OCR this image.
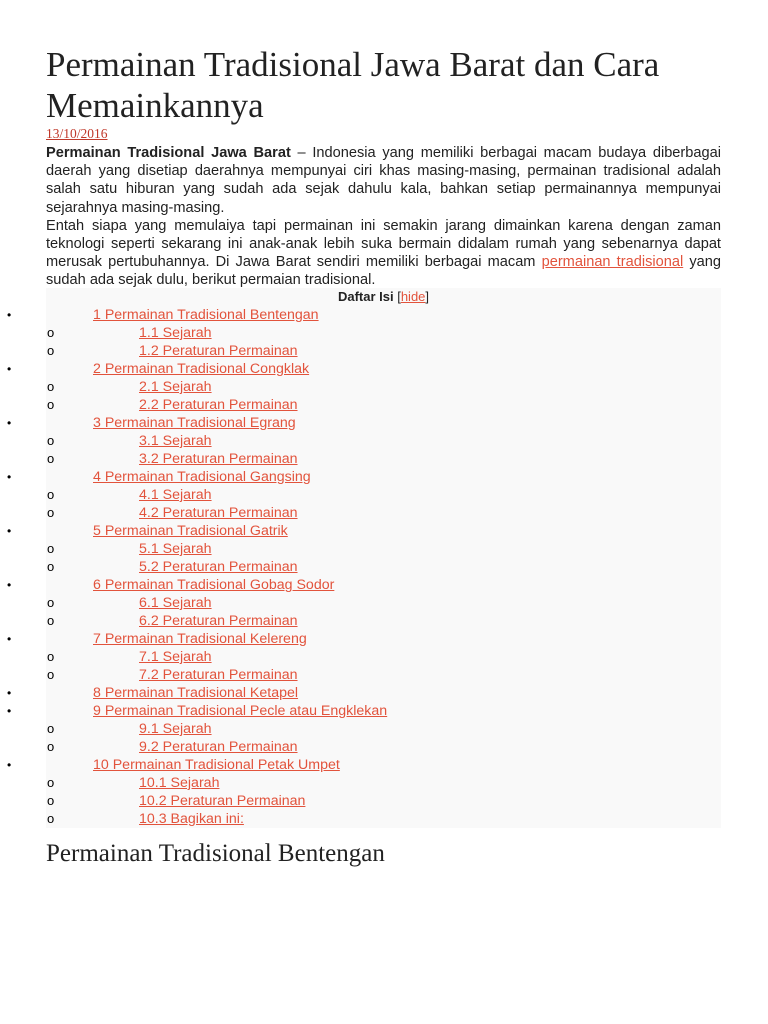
Permainan Tradisional Jawa Barat dan Cara Memainkannya
13/10/2016

Permainan Tradisional Jawa Barat – Indonesia yang memiliki berbagai macam budaya diberbagai daerah yang disetiap daerahnya mempunyai ciri khas masing-masing, permainan tradisional adalah salah satu hiburan yang sudah ada sejak dahulu kala, bahkan setiap permainannya mempunyai sejarahnya masing-masing.

Entah siapa yang memulaiya tapi permainan ini semakin jarang dimainkan karena dengan zaman teknologi seperti sekarang ini anak-anak lebih suka bermain didalam rumah yang sebenarnya dapat merusak pertubuhannya. Di Jawa Barat sendiri memiliki berbagai macam permainan tradisional yang sudah ada sejak dulu, berikut permaian tradisional.

Daftar Isi [hide]
•	1 Permainan Tradisional Bentengan
o	1.1 Sejarah
o	1.2 Peraturan Permainan
•	2 Permainan Tradisional Congklak
o	2.1 Sejarah
o	2.2 Peraturan Permainan
•	3 Permainan Tradisional Egrang
o	3.1 Sejarah
o	3.2 Peraturan Permainan
•	4 Permainan Tradisional Gangsing
o	4.1 Sejarah
o	4.2 Peraturan Permainan
•	5 Permainan Tradisional Gatrik
o	5.1 Sejarah
o	5.2 Peraturan Permainan
•	6 Permainan Tradisional Gobag Sodor
o	6.1 Sejarah
o	6.2 Peraturan Permainan
•	7 Permainan Tradisional Kelereng
o	7.1 Sejarah
o	7.2 Peraturan Permainan
•	8 Permainan Tradisional Ketapel
•	9 Permainan Tradisional Pecle atau Engklekan
o	9.1 Sejarah
o	9.2 Peraturan Permainan
•	10 Permainan Tradisional Petak Umpet
o	10.1 Sejarah
o	10.2 Peraturan Permainan
o	10.3 Bagikan ini:
Permainan Tradisional Bentengan
